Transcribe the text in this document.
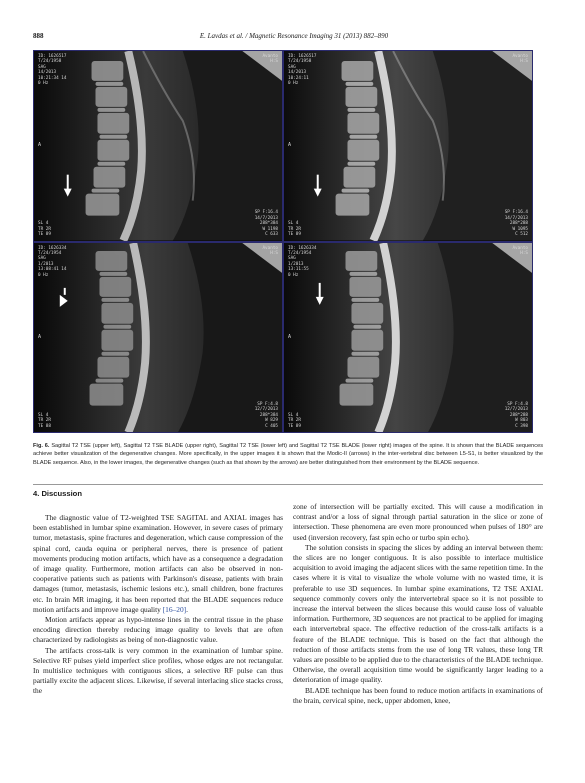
888	E. Lavdas et al. / Magnetic Resonance Imaging 31 (2013) 882–890
ID: 1626517
T/24/1958
SAG
14/2013
10:21:34 14
0 Hz
Avanto
H:S
A
SL 4
TR 2R
TE 89
SP F:16.4
14/7/2013
288*384
W 1198
C 633
ID: 1626517
T/24/1958
SAG
14/2013
10:24:11
0 Hz
Avanto
H:S
A
SL 4
TR 2R
TE 89
SP F:16.4
14/7/2013
288*288
W 1095
C 512
ID: 1626334
T/24/1954
SAG
1/2013
13:08:41 14
0 Hz
Avanto
H:S
A
SL 4
TR 2R
TE 88
SP F:4.8
12/7/2013
288*384
W 829
C 405
ID: 1626334
T/24/1954
SAG
1/2013
13:11:55
0 Hz
Avanto
H:S
A
SL 4
TR 2R
TE 89
SP F:4.8
12/7/2013
288*288
W 803
C 398
Fig. 6. Sagittal T2 TSE (upper left), Sagittal T2 TSE BLADE (upper right), Sagittal T2 TSE (lower left) and Sagittal T2 TSE BLADE (lower right) images of the spine. It is shown that the BLADE sequences achieve better visualization of the degenerative changes. More specifically, in the upper images it is shown that the Modic-II (arrows) in the inter-vertebral disc between L5-S1, is better visualized by the BLADE sequence. Also, in the lower images, the degenerative changes (such as that shown by the arrows) are better distinguished from their environment by the BLADE sequence.
4. Discussion

The diagnostic value of T2-weighted TSE SAGITAL and AXIAL images has been established in lumbar spine examination. However, in severe cases of primary tumor, metastasis, spine fractures and degeneration, which cause compression of the spinal cord, cauda equina or peripheral nerves, there is presence of patient movements producing motion artifacts, which have as a consequence a degradation of image quality. Furthermore, motion artifacts can also be observed in non-cooperative patients such as patients with Parkinson's disease, patients with brain damages (tumor, metastasis, ischemic lesions etc.), small children, bone fractures etc. In brain MR imaging, it has been reported that the BLADE sequences reduce motion artifacts and improve image quality [16–20].

Motion artifacts appear as hypo-intense lines in the central tissue in the phase encoding direction thereby reducing image quality to levels that are often characterized by radiologists as being of non-diagnostic value.

The artifacts cross-talk is very common in the examination of lumbar spine. Selective RF pulses yield imperfect slice profiles, whose edges are not rectangular. In multislice techniques with contiguous slices, a selective RF pulse can thus partially excite the adjacent slices. Likewise, if several interlacing slice stacks cross, the

zone of intersection will be partially excited. This will cause a modification in contrast and/or a loss of signal through partial saturation in the slice or zone of intersection. These phenomena are even more pronounced when pulses of 180° are used (inversion recovery, fast spin echo or turbo spin echo).

The solution consists in spacing the slices by adding an interval between them: the slices are no longer contiguous. It is also possible to interlace multislice acquisition to avoid imaging the adjacent slices with the same repetition time. In the cases where it is vital to visualize the whole volume with no wasted time, it is preferable to use 3D sequences. In lumbar spine examinations, T2 TSE AXIAL sequence commonly covers only the intervertebral space so it is not possible to increase the interval between the slices because this would cause loss of valuable information. Furthermore, 3D sequences are not practical to be applied for imaging each intervertebral space. The effective reduction of the cross-talk artifacts is a feature of the BLADE technique. This is based on the fact that although the reduction of those artifacts stems from the use of long TR values, these long TR values are possible to be applied due to the characteristics of the BLADE technique. Otherwise, the overall acquisition time would be significantly larger leading to a deterioration of image quality.

BLADE technique has been found to reduce motion artifacts in examinations of the brain, cervical spine, neck, upper abdomen, knee,
